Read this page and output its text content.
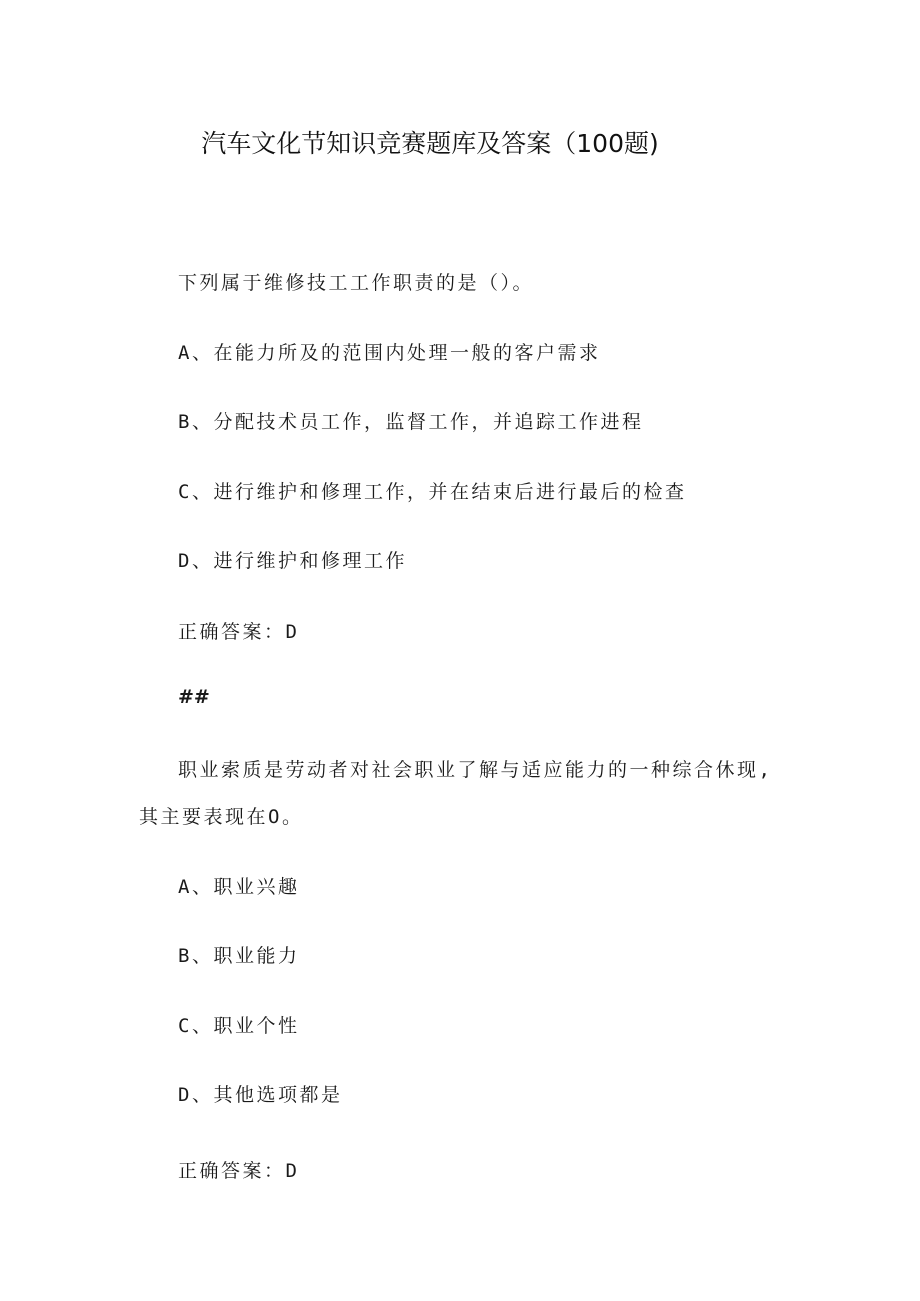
汽车文化节知识竞赛题库及答案（100题)
下列属于维修技工工作职责的是（）。
A、在能力所及的范围内处理一般的客户需求
B、分配技术员工作，监督工作，并追踪工作进程
C、进行维护和修理工作，并在结束后进行最后的检查
D、进行维护和修理工作
正确答案：D
##
职业索质是劳动者对社会职业了解与适应能力的一种综合休现,
其主要表现在O。
A、职业兴趣
B、职业能力
C、职业个性
D、其他选项都是
正确答案：D
